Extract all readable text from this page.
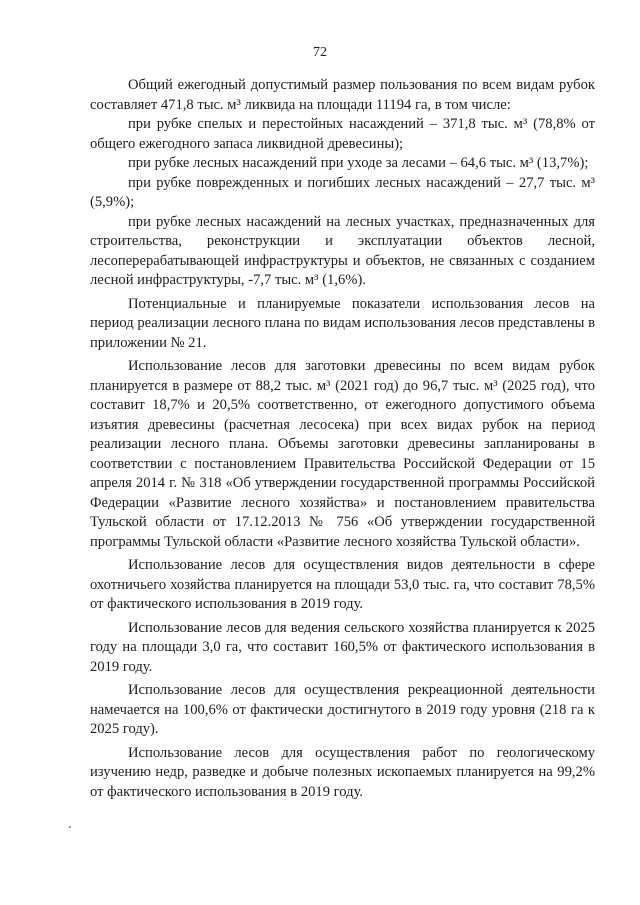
72

Общий ежегодный допустимый размер пользования по всем видам рубок составляет 471,8 тыс. м³ ликвида на площади 11194 га, в том числе:

при рубке спелых и перестойных насаждений – 371,8 тыс. м³ (78,8% от общего ежегодного запаса ликвидной древесины);

при рубке лесных насаждений при уходе за лесами – 64,6 тыс. м³ (13,7%);

при рубке поврежденных и погибших лесных насаждений – 27,7 тыс. м³ (5,9%);

при рубке лесных насаждений на лесных участках, предназначенных для строительства, реконструкции и эксплуатации объектов лесной, лесоперерабатывающей инфраструктуры и объектов, не связанных с созданием лесной инфраструктуры, -7,7 тыс. м³ (1,6%).

Потенциальные и планируемые показатели использования лесов на период реализации лесного плана по видам использования лесов представлены в приложении № 21.

Использование лесов для заготовки древесины по всем видам рубок планируется в размере от 88,2 тыс. м³ (2021 год) до 96,7 тыс. м³ (2025 год), что составит 18,7% и 20,5% соответственно, от ежегодного допустимого объема изъятия древесины (расчетная лесосека) при всех видах рубок на период реализации лесного плана. Объемы заготовки древесины запланированы в соответствии с постановлением Правительства Российской Федерации от 15 апреля 2014 г. № 318 «Об утверждении государственной программы Российской Федерации «Развитие лесного хозяйства» и постановлением правительства Тульской области от 17.12.2013 № 756 «Об утверждении государственной программы Тульской области «Развитие лесного хозяйства Тульской области».

Использование лесов для осуществления видов деятельности в сфере охотничьего хозяйства планируется на площади 53,0 тыс. га, что составит 78,5% от фактического использования в 2019 году.

Использование лесов для ведения сельского хозяйства планируется к 2025 году на площади 3,0 га, что составит 160,5% от фактического использования в 2019 году.

Использование лесов для осуществления рекреационной деятельности намечается на 100,6% от фактически достигнутого в 2019 году уровня (218 га к 2025 году).

Использование лесов для осуществления работ по геологическому изучению недр, разведке и добыче полезных ископаемых планируется на 99,2% от фактического использования в 2019 году.
